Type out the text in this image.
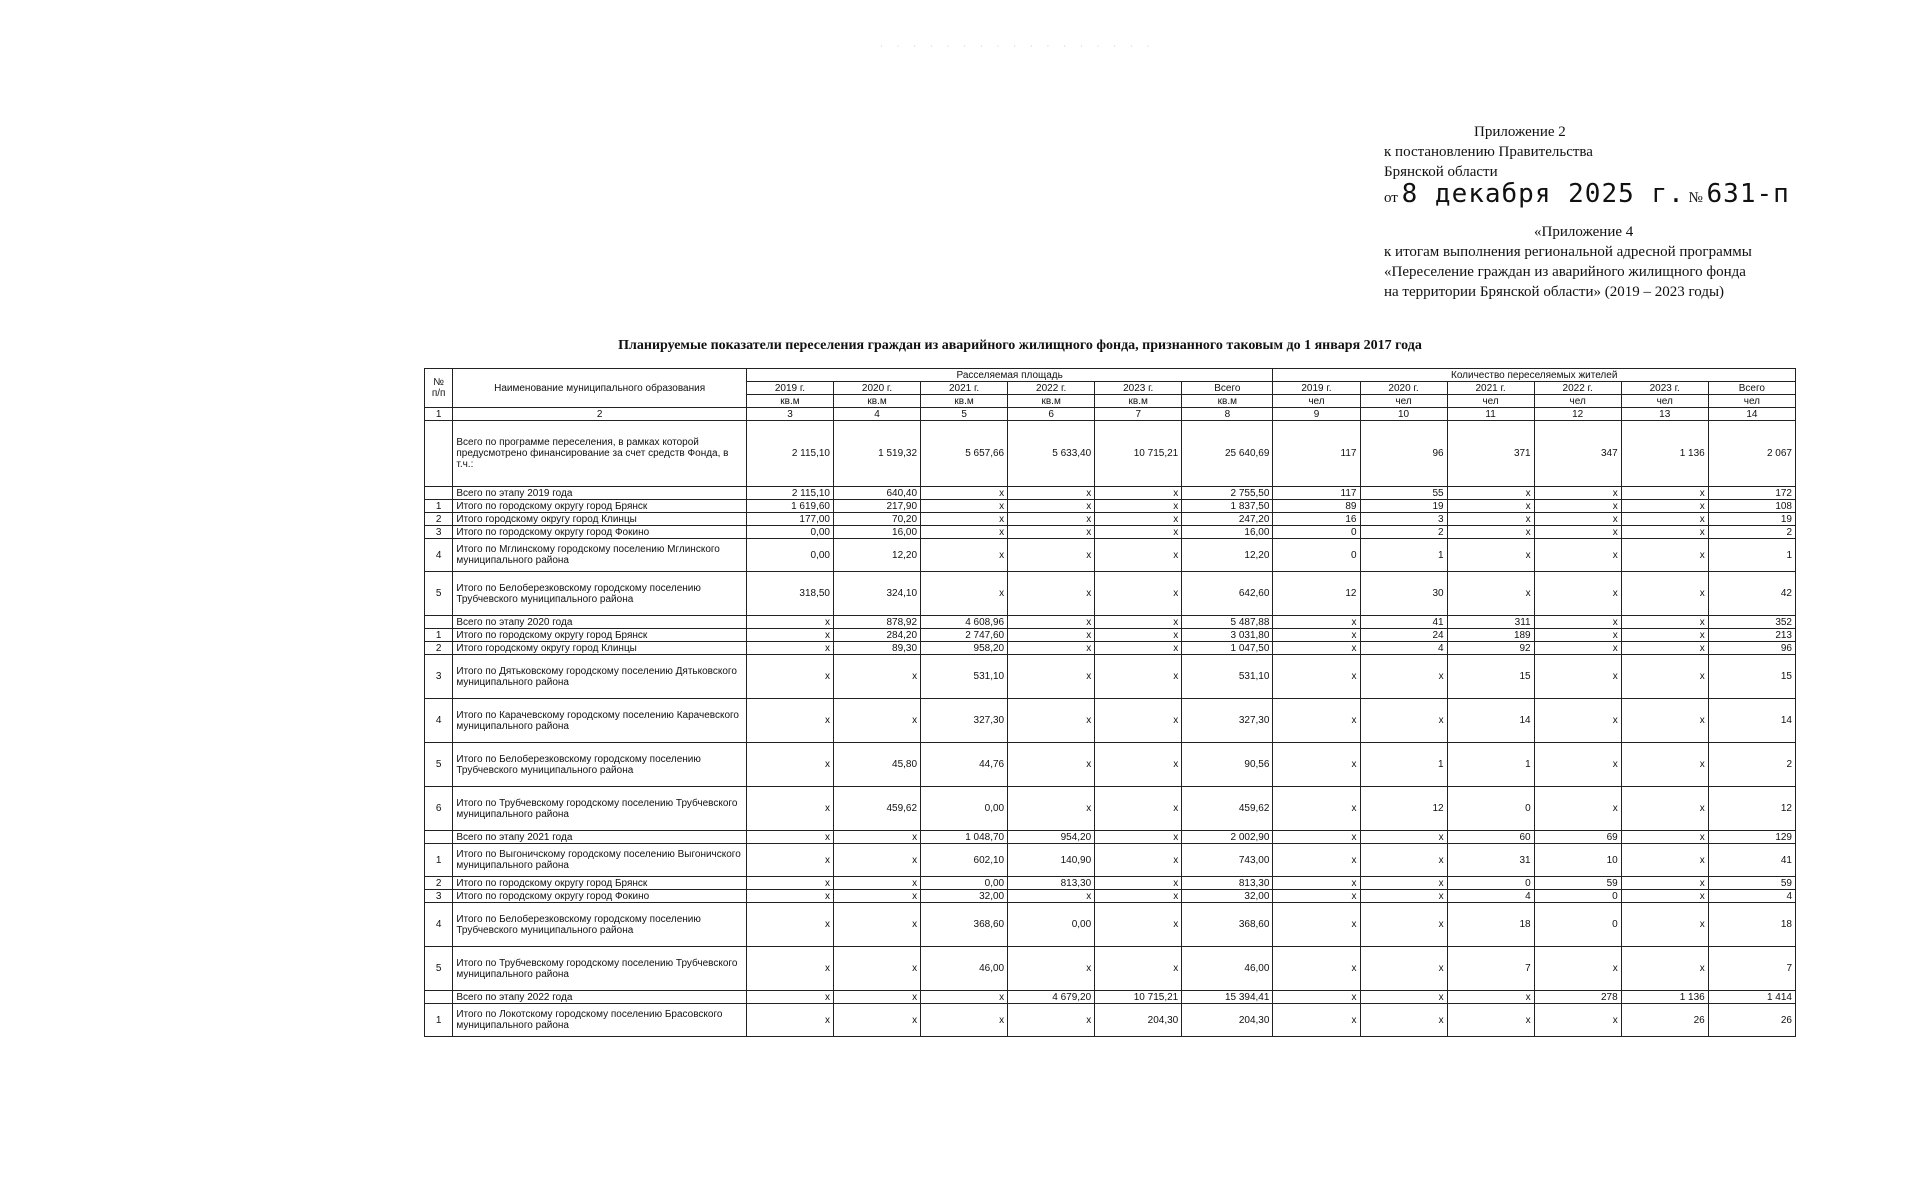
· · · · · · · · · · · · · · · · ·
Приложение 2
к постановлению Правительства
Брянской области
от 8 декабря 2025 г. № 631-п
«Приложение 4
к итогам выполнения региональной адресной программы
«Переселение граждан из аварийного жилищного фонда
на территории Брянской области» (2019 – 2023 годы)
Планируемые показатели переселения граждан из аварийного жилищного фонда, признанного таковым до 1 января 2017 года
№ п/п	Наименование муниципального образования	Расселяемая площадь						Количество переселяемых жителей					
		2019 г.	2020 г.	2021 г.	2022 г.	2023 г.	Всего	2019 г.	2020 г.	2021 г.	2022 г.	2023 г.	Всего
		кв.м	кв.м	кв.м	кв.м	кв.м	кв.м	чел	чел	чел	чел	чел	чел
1	2	3	4	5	6	7	8	9	10	11	12	13	14
	Всего по программе переселения, в рамках которой предусмотрено финансирование за счет средств Фонда, в т.ч.:	2 115,10	1 519,32	5 657,66	5 633,40	10 715,21	25 640,69	117	96	371	347	1 136	2 067
	Всего по этапу 2019 года	2 115,10	640,40	x	x	x	2 755,50	117	55	x	x	x	172
1	Итого по городскому округу город Брянск	1 619,60	217,90	x	x	x	1 837,50	89	19	x	x	x	108
2	Итого городскому округу город Клинцы	177,00	70,20	x	x	x	247,20	16	3	x	x	x	19
3	Итого по городскому округу город Фокино	0,00	16,00	x	x	x	16,00	0	2	x	x	x	2
4	Итого по Мглинскому городскому поселению Мглинского муниципального района	0,00	12,20	x	x	x	12,20	0	1	x	x	x	1
5	Итого по Белоберезковскому городскому поселению Трубчевского муниципального района	318,50	324,10	x	x	x	642,60	12	30	x	x	x	42
	Всего по этапу 2020 года	x	878,92	4 608,96	x	x	5 487,88	x	41	311	x	x	352
1	Итого по городскому округу город Брянск	x	284,20	2 747,60	x	x	3 031,80	x	24	189	x	x	213
2	Итого городскому округу город Клинцы	x	89,30	958,20	x	x	1 047,50	x	4	92	x	x	96
3	Итого по Дятьковскому городскому поселению Дятьковского муниципального района	x	x	531,10	x	x	531,10	x	x	15	x	x	15
4	Итого по Карачевскому городскому поселению Карачевского муниципального района	x	x	327,30	x	x	327,30	x	x	14	x	x	14
5	Итого по Белоберезковскому городскому поселению Трубчевского муниципального района	x	45,80	44,76	x	x	90,56	x	1	1	x	x	2
6	Итого по Трубчевскому городскому поселению Трубчевского муниципального района	x	459,62	0,00	x	x	459,62	x	12	0	x	x	12
	Всего по этапу 2021 года	x	x	1 048,70	954,20	x	2 002,90	x	x	60	69	x	129
1	Итого по Выгоничскому городскому поселению Выгоничского муниципального района	x	x	602,10	140,90	x	743,00	x	x	31	10	x	41
2	Итого по городскому округу город Брянск	x	x	0,00	813,30	x	813,30	x	x	0	59	x	59
3	Итого по городскому округу город Фокино	x	x	32,00	x	x	32,00	x	x	4	0	x	4
4	Итого по Белоберезковскому городскому поселению Трубчевского муниципального района	x	x	368,60	0,00	x	368,60	x	x	18	0	x	18
5	Итого по Трубчевскому городскому поселению Трубчевского муниципального района	x	x	46,00	x	x	46,00	x	x	7	x	x	7
	Всего по этапу 2022 года	x	x	x	4 679,20	10 715,21	15 394,41	x	x	x	278	1 136	1 414
1	Итого по Локотскому городскому поселению Брасовского муниципального района	x	x	x	x	204,30	204,30	x	x	x	x	26	26
